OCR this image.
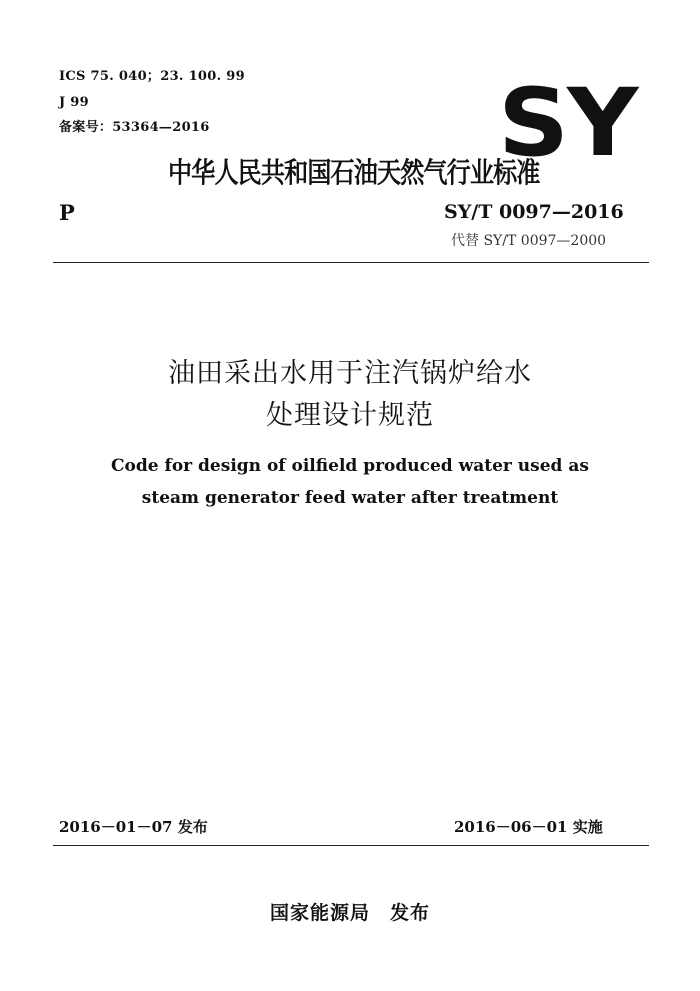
ICS 75. 040；23. 100. 99
J 99
备案号：53364—2016	SY
中华人民共和国石油天然气行业标准
P	SY/T 0097—2016
代替 SY/T 0097—2000
油田采出水用于注汽锅炉给水
处理设计规范
Code for design of oilfield produced water used as
steam generator feed water after treatment
2016－01－07 发布	2016－06－01 实施
国家能源局　发布
